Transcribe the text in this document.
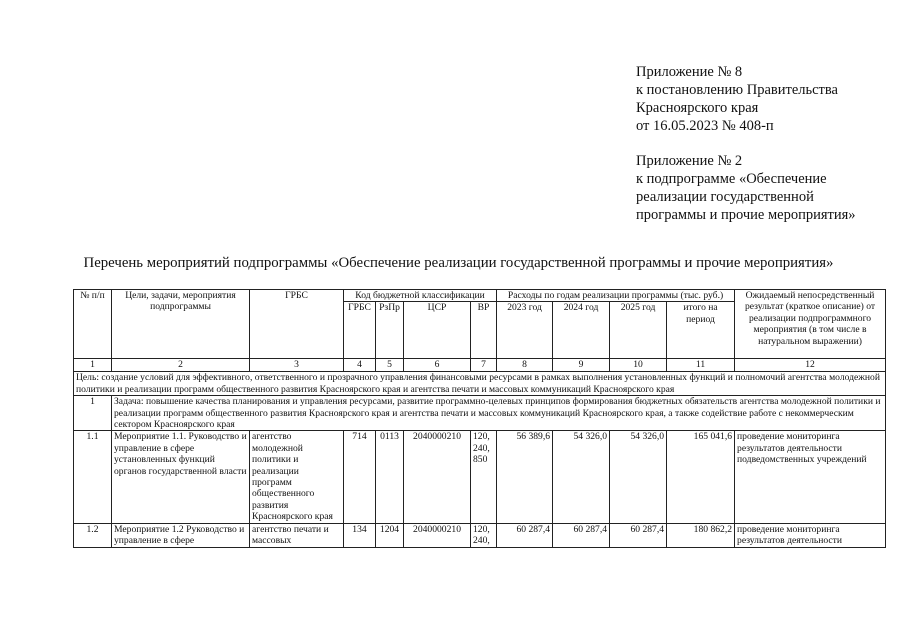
Приложение № 8
к постановлению Правительства
Красноярского края
от 16.05.2023 № 408-п
Приложение № 2
к подпрограмме «Обеспечение
реализации государственной
программы и прочие мероприятия»
Перечень мероприятий подпрограммы «Обеспечение реализации государственной программы и прочие мероприятия»
№ п/п	Цели, задачи, мероприятия подпрограммы	ГРБС	Код бюджетной классификации				Расходы по годам реализации программы (тыс. руб.)				Ожидаемый непосредственный результат (краткое описание) от реализации подпрограммного мероприятия (в том числе в натуральном выражении)
			ГРБС	РзПр	ЦСР	ВР	2023 год	2024 год	2025 год	итого на период	
1	2	3	4	5	6	7	8	9	10	11	12
Цель: создание условий для эффективного, ответственного и прозрачного управления финансовыми ресурсами в рамках выполнения установленных функций и полномочий агентства молодежной политики и реализации программ общественного развития Красноярского края и агентства печати и массовых коммуникаций Красноярского края											
1	Задача: повышение качества планирования и управления ресурсами, развитие программно-целевых принципов формирования бюджетных обязательств агентства молодежной политики и реализации программ общественного развития Красноярского края и агентства печати и массовых коммуникаций Красноярского края, а также содействие работе с некоммерческим сектором Красноярского края										
1.1	Мероприятие 1.1. Руководство и управление в сфере установленных функций органов государственной власти	агентство молодежной политики и реализации программ общественного развития Красноярского края	714	0113	2040000210	120, 240, 850	56 389,6	54 326,0	54 326,0	165 041,6	проведение мониторинга результатов деятельности подведомственных учреждений
1.2	Мероприятие 1.2 Руководство и управление в сфере	агентство печати и массовых	134	1204	2040000210	120, 240,	60 287,4	60 287,4	60 287,4	180 862,2	проведение мониторинга результатов деятельности
